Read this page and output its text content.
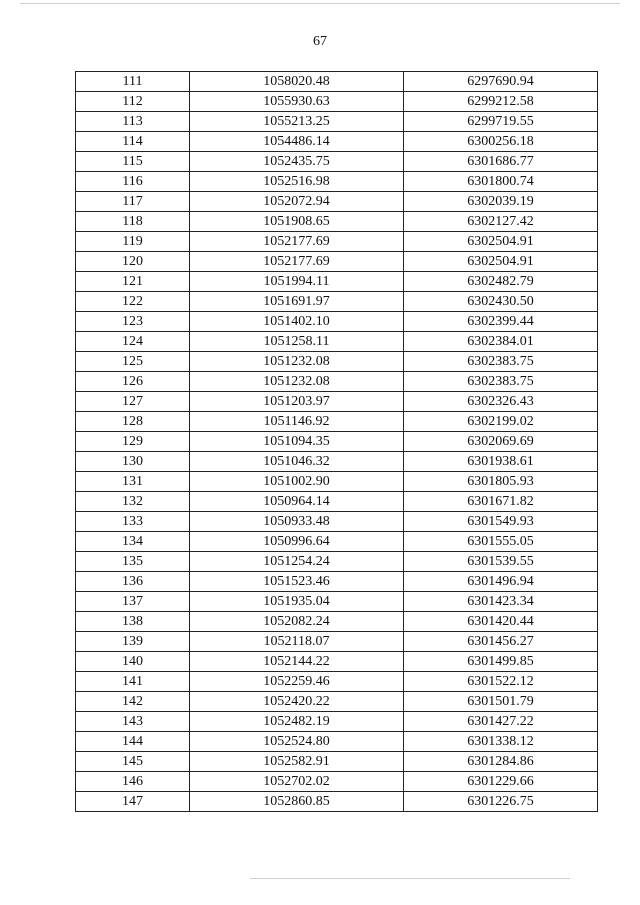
67
111	1058020.48	6297690.94
112	1055930.63	6299212.58
113	1055213.25	6299719.55
114	1054486.14	6300256.18
115	1052435.75	6301686.77
116	1052516.98	6301800.74
117	1052072.94	6302039.19
118	1051908.65	6302127.42
119	1052177.69	6302504.91
120	1052177.69	6302504.91
121	1051994.11	6302482.79
122	1051691.97	6302430.50
123	1051402.10	6302399.44
124	1051258.11	6302384.01
125	1051232.08	6302383.75
126	1051232.08	6302383.75
127	1051203.97	6302326.43
128	1051146.92	6302199.02
129	1051094.35	6302069.69
130	1051046.32	6301938.61
131	1051002.90	6301805.93
132	1050964.14	6301671.82
133	1050933.48	6301549.93
134	1050996.64	6301555.05
135	1051254.24	6301539.55
136	1051523.46	6301496.94
137	1051935.04	6301423.34
138	1052082.24	6301420.44
139	1052118.07	6301456.27
140	1052144.22	6301499.85
141	1052259.46	6301522.12
142	1052420.22	6301501.79
143	1052482.19	6301427.22
144	1052524.80	6301338.12
145	1052582.91	6301284.86
146	1052702.02	6301229.66
147	1052860.85	6301226.75
